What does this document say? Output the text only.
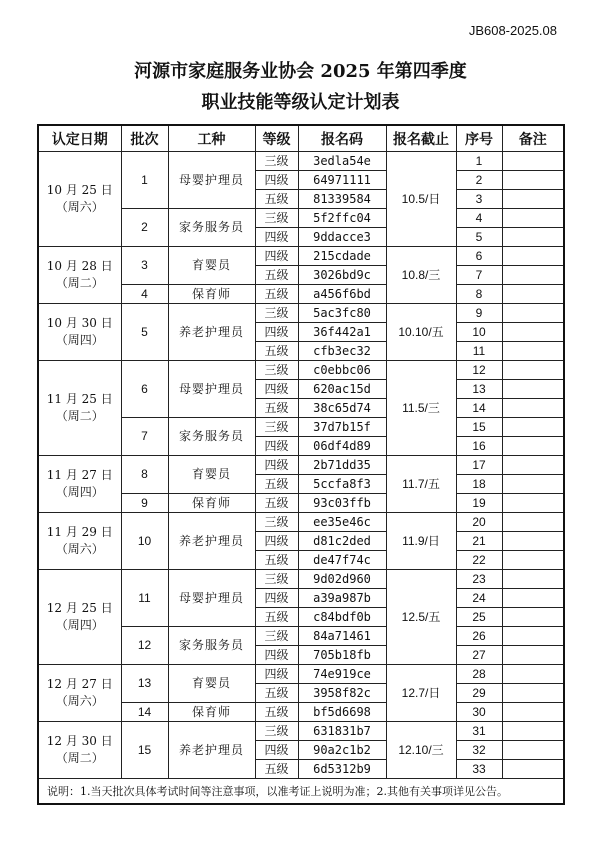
JB608-2025.08
河源市家庭服务业协会 2025 年第四季度
职业技能等级认定计划表
认定日期	批次	工种	等级	报名码	报名截止	序号	备注

10 月 25 日
（周六）	1	母婴护理员	三级	3edla54e	10.5/日	1	
			四级	64971111		2	
			五级	81339584		3	
	2	家务服务员	三级	5f2ffc04		4	
			四级	9ddacce3		5	

10 月 28 日
（周二）	3	育婴员	四级	215cdade	10.8/三	6	
			五级	3026bd9c		7	
	4	保育师	五级	a456f6bd		8	

10 月 30 日
（周四）	5	养老护理员	三级	5ac3fc80	10.10/五	9	
			四级	36f442a1		10	
			五级	cfb3ec32		11	

11 月 25 日
（周二）	6	母婴护理员	三级	c0ebbc06	11.5/三	12	
			四级	620ac15d		13	
			五级	38c65d74		14	
	7	家务服务员	三级	37d7b15f		15	
			四级	06df4d89		16	

11 月 27 日
（周四）	8	育婴员	四级	2b71dd35	11.7/五	17	
			五级	5ccfa8f3		18	
	9	保育师	五级	93c03ffb		19	

11 月 29 日
（周六）	10	养老护理员	三级	ee35e46c	11.9/日	20	
			四级	d81c2ded		21	
			五级	de47f74c		22	

12 月 25 日
（周四）	11	母婴护理员	三级	9d02d960	12.5/五	23	
			四级	a39a987b		24	
			五级	c84bdf0b		25	
	12	家务服务员	三级	84a71461		26	
			四级	705b18fb		27	

12 月 27 日
（周六）	13	育婴员	四级	74e919ce	12.7/日	28	
			五级	3958f82c		29	
	14	保育师	五级	bf5d6698		30	

12 月 30 日
（周二）	15	养老护理员	三级	631831b7	12.10/三	31	
			四级	90a2c1b2		32	
			五级	6d5312b9		33	
说明：1.当天批次具体考试时间等注意事项，以准考证上说明为准；2.其他有关事项详见公告。							
